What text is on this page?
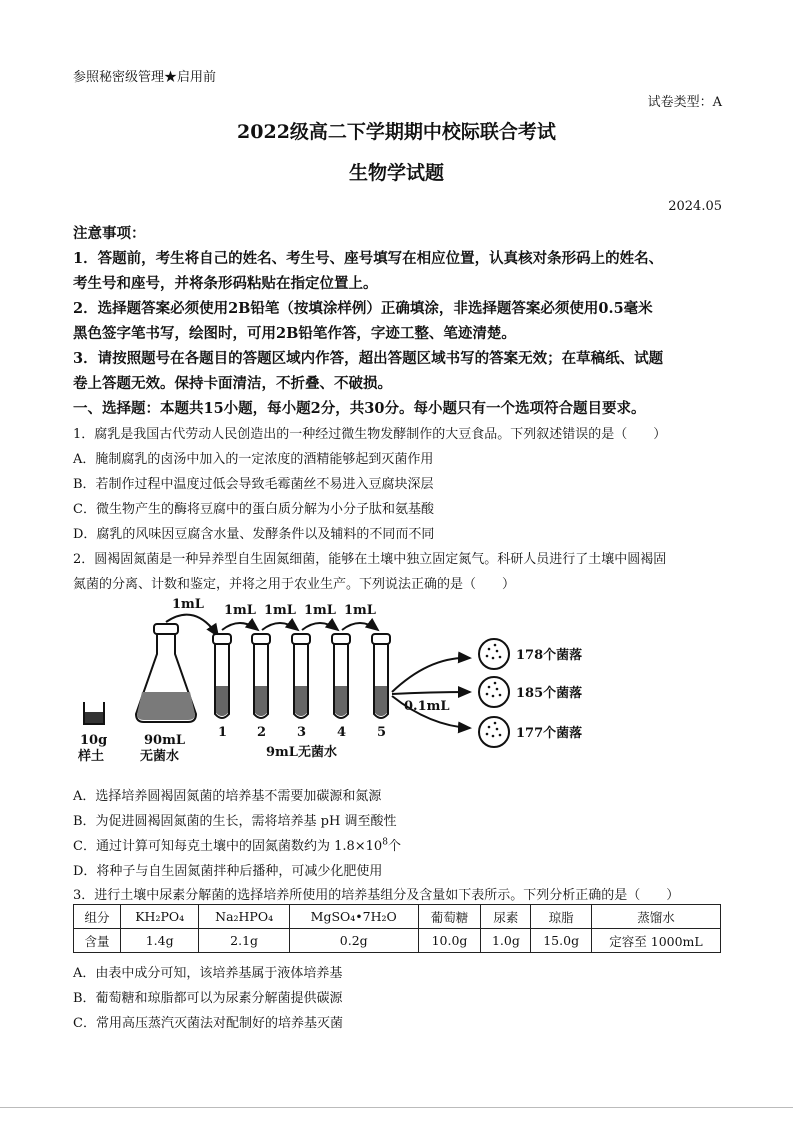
参照秘密级管理★启用前
试卷类型：A
2022级高二下学期期中校际联合考试
生物学试题
2024.05
注意事项：
1．答题前，考生将自己的姓名、考生号、座号填写在相应位置，认真核对条形码上的姓名、
考生号和座号，并将条形码粘贴在指定位置上。
2．选择题答案必须使用2B铅笔（按填涂样例）正确填涂，非选择题答案必须使用0.5毫米
黑色签字笔书写，绘图时，可用2B铅笔作答，字迹工整、笔迹清楚。
3．请按照题号在各题目的答题区域内作答，超出答题区域书写的答案无效；在草稿纸、试题
卷上答题无效。保持卡面清洁，不折叠、不破损。
一、选择题：本题共15小题，每小题2分，共30分。每小题只有一个选项符合题目要求。
1．腐乳是我国古代劳动人民创造出的一种经过微生物发酵制作的大豆食品。下列叙述错误的是（　　）
A．腌制腐乳的卤汤中加入的一定浓度的酒精能够起到灭菌作用
B．若制作过程中温度过低会导致毛霉菌丝不易进入豆腐块深层
C．微生物产生的酶将豆腐中的蛋白质分解为小分子肽和氨基酸
D．腐乳的风味因豆腐含水量、发酵条件以及辅料的不同而不同
2．圆褐固氮菌是一种异养型自生固氮细菌，能够在土壤中独立固定氮气。科研人员进行了土壤中圆褐固
氮菌的分离、计数和鉴定，并将之用于农业生产。下列说法正确的是（　　）
10g
样土
90mL
无菌水
1mL 1mL 1mL 1mL 1mL
1 2 3 4 5
9mL无菌水
0.1mL
178个菌落
185个菌落
177个菌落
A．选择培养圆褐固氮菌的培养基不需要加碳源和氮源
B．为促进圆褐固氮菌的生长，需将培养基 pH 调至酸性
C．通过计算可知每克土壤中的固氮菌数约为 $1.8\times 10^8$个
D．将种子与自生固氮菌拌种后播种，可减少化肥使用
3．进行土壤中尿素分解菌的选择培养所使用的培养基组分及含量如下表所示。下列分析正确的是（　　）
组分	KH₂PO₄	Na₂HPO₄	MgSO₄•7H₂O	葡萄糖	尿素	琼脂	蒸馏水
含量	1.4g	2.1g	0.2g	10.0g	1.0g	15.0g	定容至 1000mL
A．由表中成分可知，该培养基属于液体培养基
B．葡萄糖和琼脂都可以为尿素分解菌提供碳源
C．常用高压蒸汽灭菌法对配制好的培养基灭菌
